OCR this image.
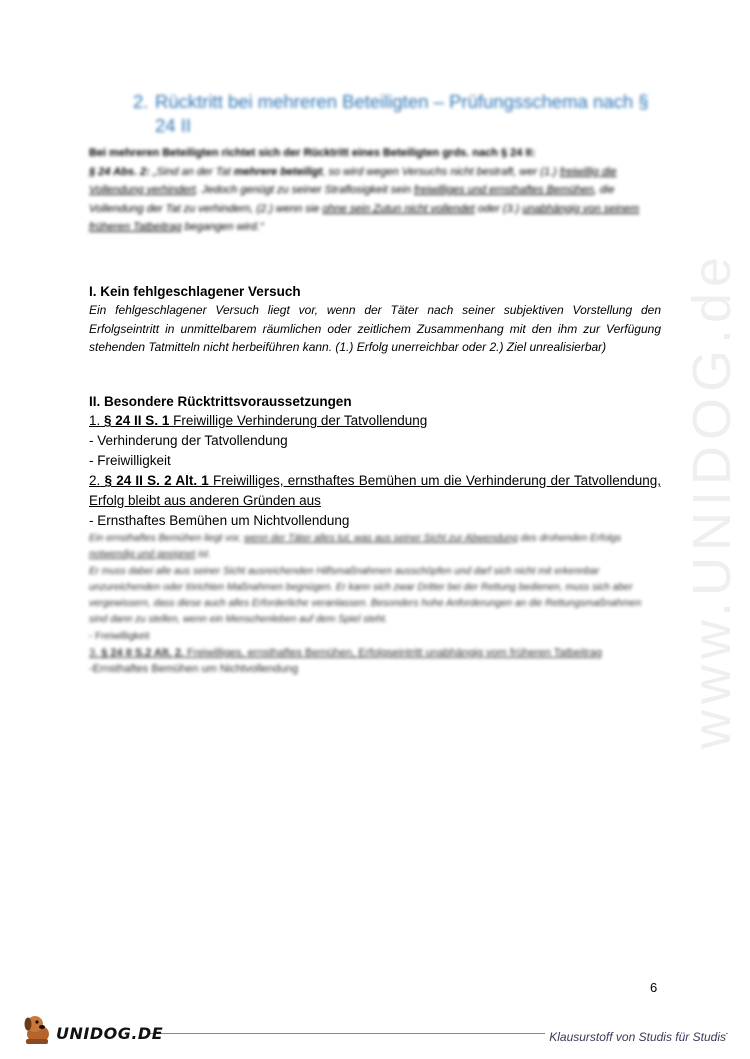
www.UNIDOG.de
2. Rücktritt bei mehreren Beteiligten – Prüfungsschema nach § 24 II

Bei mehreren Beteiligten richtet sich der Rücktritt eines Beteiligten grds. nach § 24 II:

§ 24 Abs. 2: „Sind an der Tat mehrere beteiligt, so wird wegen Versuchs nicht bestraft, wer (1.) freiwillig die Vollendung verhindert. Jedoch genügt zu seiner Straflosigkeit sein freiwilliges und ernsthaftes Bemühen, die Vollendung der Tat zu verhindern, (2.) wenn sie ohne sein Zutun nicht vollendet oder (3.) unabhängig von seinem früheren Tatbeitrag begangen wird.“

I. Kein fehlgeschlagener Versuch
Ein fehlgeschlagener Versuch liegt vor, wenn der Täter nach seiner subjektiven Vorstellung den Erfolgseintritt in unmittelbarem räumlichen oder zeitlichem Zusammenhang mit den ihm zur Verfügung stehenden Tatmitteln nicht herbeiführen kann. (1.) Erfolg unerreichbar oder 2.) Ziel unrealisierbar)
II. Besondere Rücktrittsvoraussetzungen
1. § 24 II S. 1 Freiwillige Verhinderung der Tatvollendung
- Verhinderung der Tatvollendung
- Freiwilligkeit
2. § 24 II S. 2 Alt. 1 Freiwilliges, ernsthaftes Bemühen um die Verhinderung der Tatvollendung, Erfolg bleibt aus anderen Gründen aus
- Ernsthaftes Bemühen um Nichtvollendung

Ein ernsthaftes Bemühen liegt vor, wenn der Täter alles tut, was aus seiner Sicht zur Abwendung des drohenden Erfolgs notwendig und geeignet ist.

Er muss dabei alle aus seiner Sicht ausreichenden Hilfsmaßnahmen ausschöpfen und darf sich nicht mit erkennbar unzureichenden oder törichten Maßnahmen begnügen. Er kann sich zwar Dritter bei der Rettung bedienen, muss sich aber vergewissern, dass diese auch alles Erforderliche veranlassen. Besonders hohe Anforderungen an die Rettungsmaßnahmen sind dann zu stellen, wenn ein Menschenleben auf dem Spiel steht.

- Freiwilligkeit

3. § 24 II S.2 Alt. 2. Freiwilliges, ernsthaftes Bemühen, Erfolgseintritt unabhängig vom früheren Tatbeitrag

-Ernsthaftes Bemühen um Nichtvollendung

6
UNIDOG.DE	Klausurstoff von Studis für Studis
